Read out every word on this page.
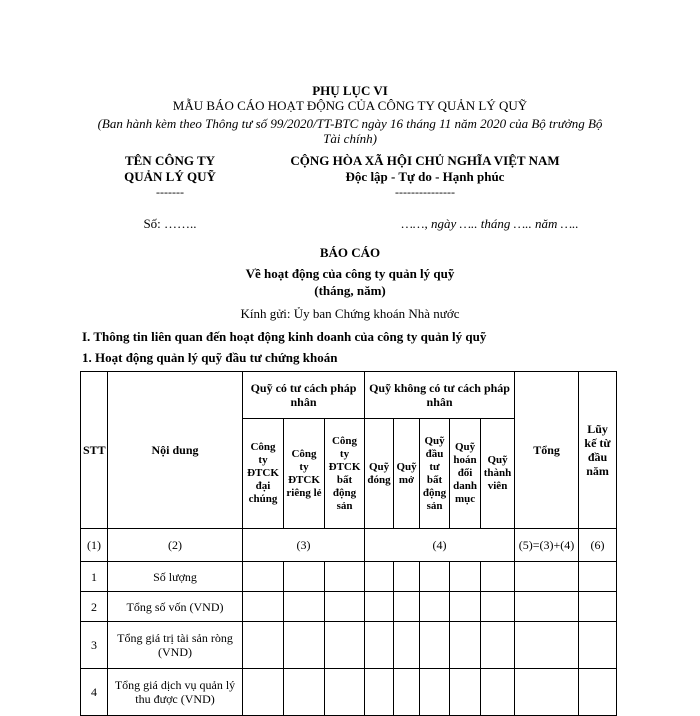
PHỤ LỤC VI
MẪU BÁO CÁO HOẠT ĐỘNG CỦA CÔNG TY QUẢN LÝ QUỸ
(Ban hành kèm theo Thông tư số 99/2020/TT-BTC ngày 16 tháng 11 năm 2020 của Bộ trưởng Bộ
Tài chính)
TÊN CÔNG TY
QUẢN LÝ QUỸ
-------
CỘNG HÒA XÃ HỘI CHỦ NGHĨA VIỆT NAM
Độc lập - Tự do - Hạnh phúc
---------------
Số: ……..	……, ngày ….. tháng ….. năm …..
BÁO CÁO
Về hoạt động của công ty quản lý quỹ
(tháng, năm)
Kính gửi: Ủy ban Chứng khoán Nhà nước
I. Thông tin liên quan đến hoạt động kinh doanh của công ty quản lý quỹ
1. Hoạt động quản lý quỹ đầu tư chứng khoán
STT	Nội dung	Quỹ có tư cách pháp nhân			Quỹ không có tư cách pháp nhân					Tổng	Lũy kế từ đầu năm
		Công ty ĐTCK đại chúng	Công ty ĐTCK riêng lẻ	Công ty ĐTCK bất động sản	Quỹ đóng	Quỹ mở	Quỹ đầu tư bất động sản	Quỹ hoán đổi danh mục	Quỹ thành viên		
(1)	(2)	(3)			(4)					(5)=(3)+(4)	(6)
1	Số lượng										
2	Tổng số vốn (VND)										
3	Tổng giá trị tài sản ròng (VND)										
4	Tổng giá dịch vụ quản lý thu được (VND)										
